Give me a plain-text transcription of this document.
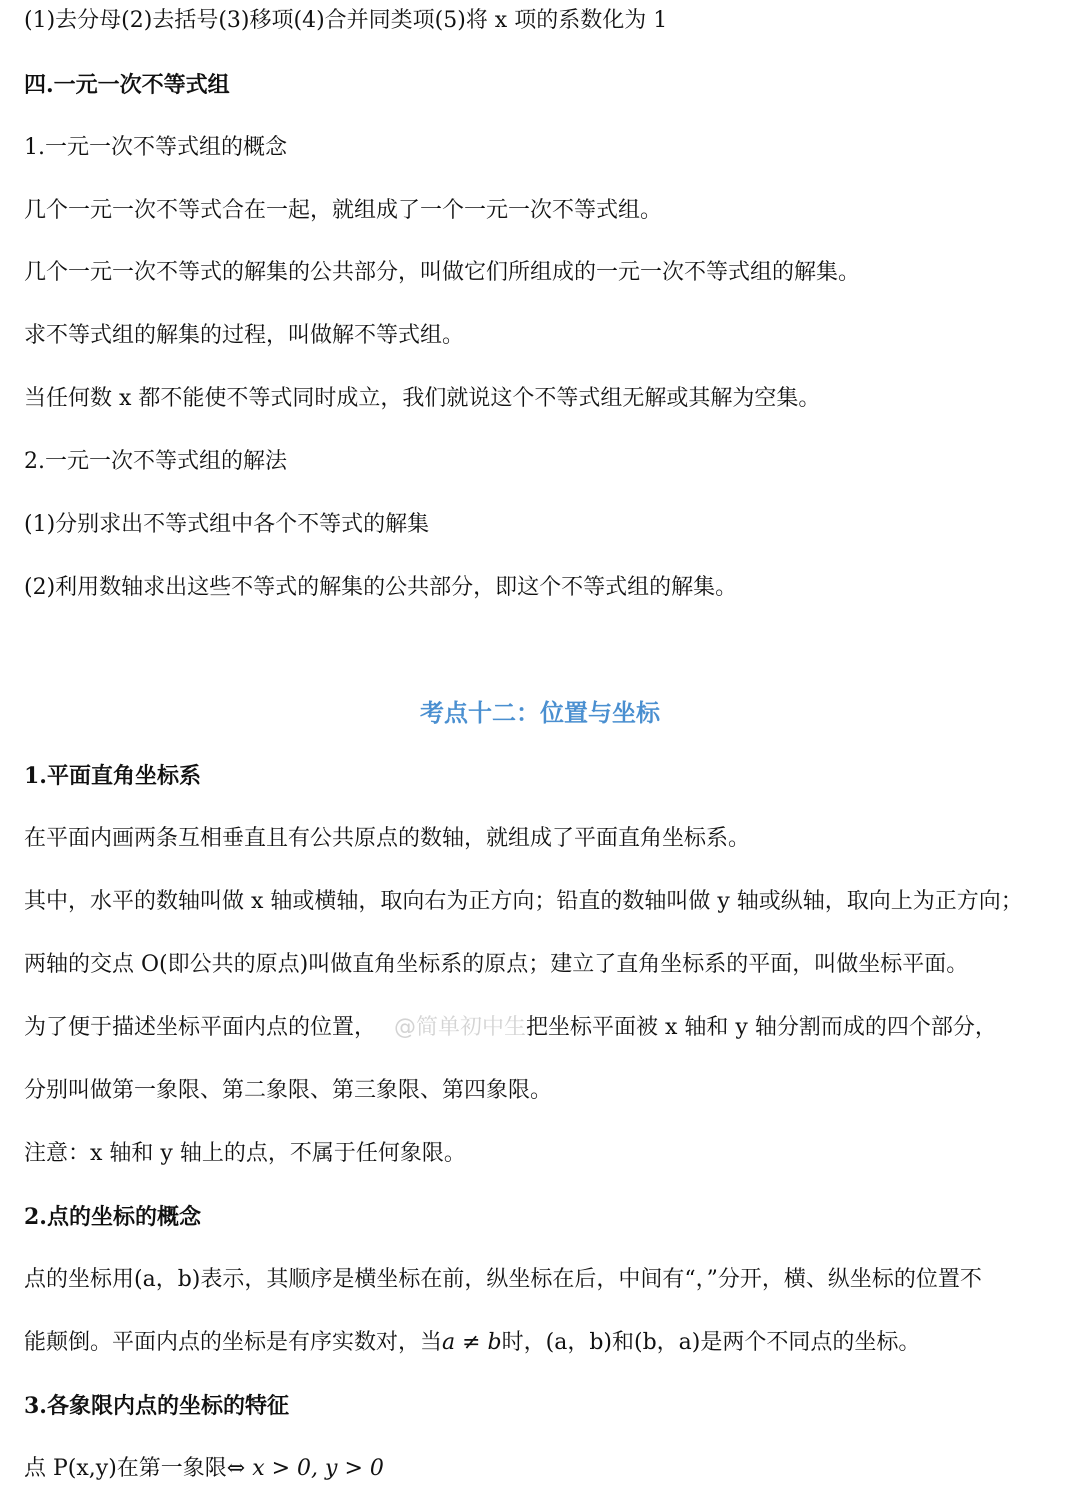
(1)去分母(2)去括号(3)移项(4)合并同类项(5)将 x 项的系数化为 1

四.一元一次不等式组

1.一元一次不等式组的概念

几个一元一次不等式合在一起，就组成了一个一元一次不等式组。

几个一元一次不等式的解集的公共部分，叫做它们所组成的一元一次不等式组的解集。

求不等式组的解集的过程，叫做解不等式组。

当任何数 x 都不能使不等式同时成立，我们就说这个不等式组无解或其解为空集。

2.一元一次不等式组的解法

(1)分别求出不等式组中各个不等式的解集

(2)利用数轴求出这些不等式的解集的公共部分，即这个不等式组的解集。

考点十二：位置与坐标

1.平面直角坐标系

在平面内画两条互相垂直且有公共原点的数轴，就组成了平面直角坐标系。

其中，水平的数轴叫做 x 轴或横轴，取向右为正方向；铅直的数轴叫做 y 轴或纵轴，取向上为正方向；

两轴的交点 O(即公共的原点)叫做直角坐标系的原点；建立了直角坐标系的平面，叫做坐标平面。

为了便于描述坐标平面内点的位置， @简单初中生把坐标平面被 x 轴和 y 轴分割而成的四个部分，

分别叫做第一象限、第二象限、第三象限、第四象限。

注意：x 轴和 y 轴上的点，不属于任何象限。

2.点的坐标的概念

点的坐标用(a，b)表示，其顺序是横坐标在前，纵坐标在后，中间有“，”分开，横、纵坐标的位置不

能颠倒。平面内点的坐标是有序实数对，当a ≠ b时，(a，b)和(b，a)是两个不同点的坐标。

3.各象限内点的坐标的特征

点 P(x,y)在第一象限⇔ x > 0, y > 0
